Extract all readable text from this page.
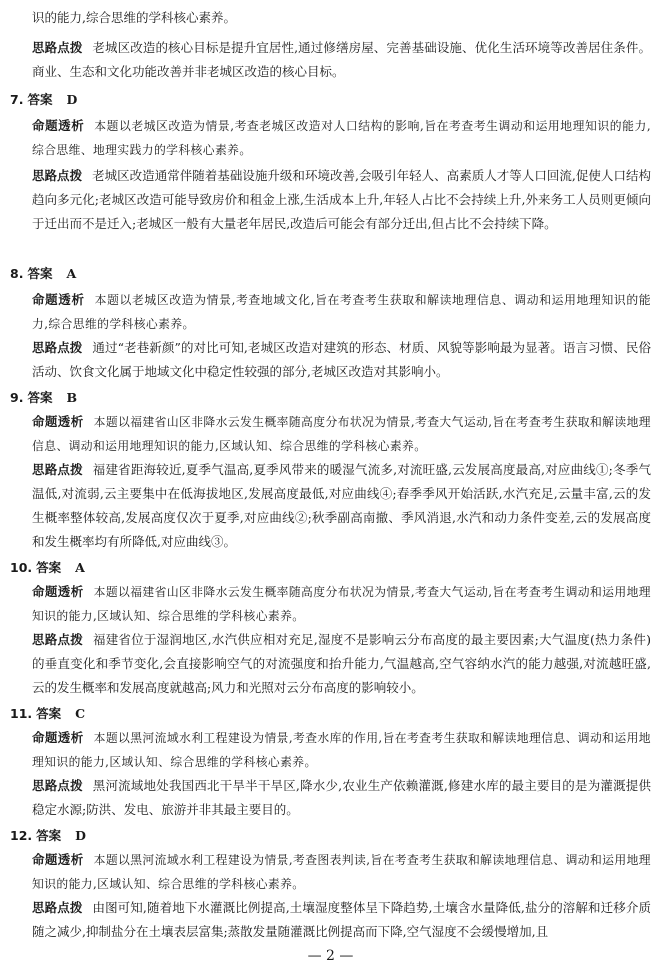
识的能力,综合思维的学科核心素养。
思路点拨 老城区改造的核心目标是提升宜居性,通过修缮房屋、完善基础设施、优化生活环境等改善居住条件。商业、生态和文化功能改善并非老城区改造的核心目标。
7. 答案 D
命题透析 本题以老城区改造为情景,考查老城区改造对人口结构的影响,旨在考查考生调动和运用地理知识的能力,综合思维、地理实践力的学科核心素养。
思路点拨 老城区改造通常伴随着基础设施升级和环境改善,会吸引年轻人、高素质人才等人口回流,促使人口结构趋向多元化;老城区改造可能导致房价和租金上涨,生活成本上升,年轻人占比不会持续上升,外来务工人员则更倾向于迁出而不是迁入;老城区一般有大量老年居民,改造后可能会有部分迁出,但占比不会持续下降。
8. 答案 A
命题透析 本题以老城区改造为情景,考查地域文化,旨在考查考生获取和解读地理信息、调动和运用地理知识的能力,综合思维的学科核心素养。
思路点拨 通过“老巷新颜”的对比可知,老城区改造对建筑的形态、材质、风貌等影响最为显著。语言习惯、民俗活动、饮食文化属于地域文化中稳定性较强的部分,老城区改造对其影响小。
9. 答案 B
命题透析 本题以福建省山区非降水云发生概率随高度分布状况为情景,考查大气运动,旨在考查考生获取和解读地理信息、调动和运用地理知识的能力,区域认知、综合思维的学科核心素养。
思路点拨 福建省距海较近,夏季气温高,夏季风带来的暖湿气流多,对流旺盛,云发展高度最高,对应曲线①;冬季气温低,对流弱,云主要集中在低海拔地区,发展高度最低,对应曲线④;春季季风开始活跃,水汽充足,云量丰富,云的发生概率整体较高,发展高度仅次于夏季,对应曲线②;秋季副高南撤、季风消退,水汽和动力条件变差,云的发展高度和发生概率均有所降低,对应曲线③。
10. 答案 A
命题透析 本题以福建省山区非降水云发生概率随高度分布状况为情景,考查大气运动,旨在考查考生调动和运用地理知识的能力,区域认知、综合思维的学科核心素养。
思路点拨 福建省位于湿润地区,水汽供应相对充足,湿度不是影响云分布高度的最主要因素;大气温度(热力条件)的垂直变化和季节变化,会直接影响空气的对流强度和抬升能力,气温越高,空气容纳水汽的能力越强,对流越旺盛,云的发生概率和发展高度就越高;风力和光照对云分布高度的影响较小。
11. 答案 C
命题透析 本题以黑河流域水利工程建设为情景,考查水库的作用,旨在考查考生获取和解读地理信息、调动和运用地理知识的能力,区域认知、综合思维的学科核心素养。
思路点拨 黑河流域地处我国西北干旱半干旱区,降水少,农业生产依赖灌溉,修建水库的最主要目的是为灌溉提供稳定水源;防洪、发电、旅游并非其最主要目的。
12. 答案 D
命题透析 本题以黑河流域水利工程建设为情景,考查图表判读,旨在考查考生获取和解读地理信息、调动和运用地理知识的能力,区域认知、综合思维的学科核心素养。
思路点拨 由图可知,随着地下水灌溉比例提高,土壤湿度整体呈下降趋势,土壤含水量降低,盐分的溶解和迁移介质随之减少,抑制盐分在土壤表层富集;蒸散发量随灌溉比例提高而下降,空气湿度不会缓慢增加,且
— 2 —
